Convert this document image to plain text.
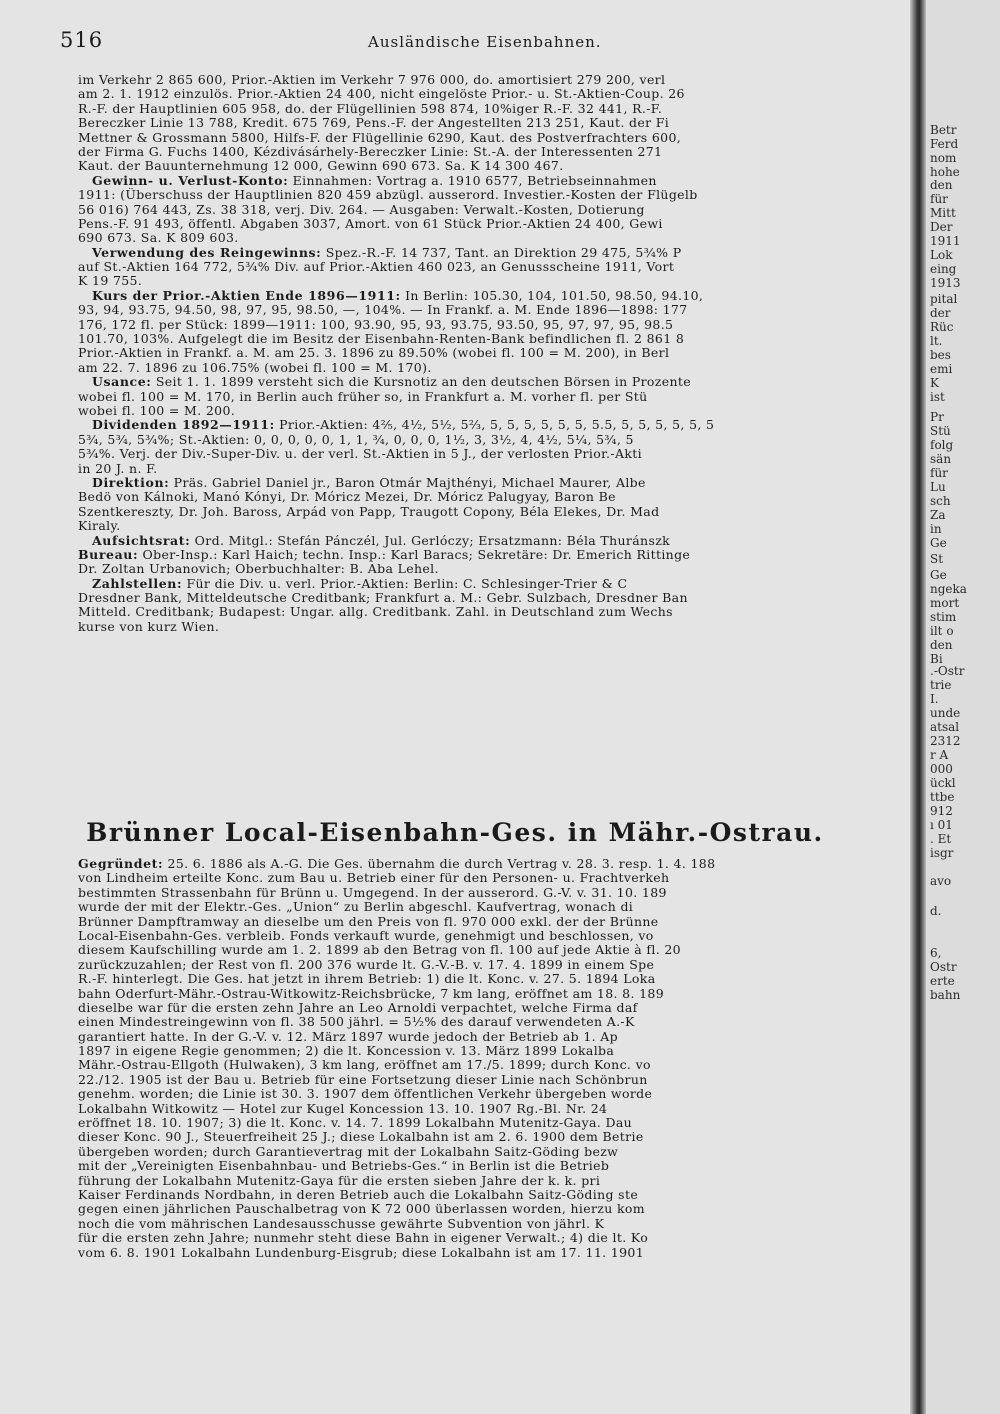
516	Ausländische Eisenbahnen.
im Verkehr 2 865 600, Prior.-Aktien im Verkehr 7 976 000, do. amortisiert 279 200, verl
am 2. 1. 1912 einzulös. Prior.-Aktien 24 400, nicht eingelöste Prior.- u. St.-Aktien-Coup. 26
R.-F. der Hauptlinien 605 958, do. der Flügellinien 598 874, 10%iger R.-F. 32 441, R.-F.
Bereczker Linie 13 788, Kredit. 675 769, Pens.-F. der Angestellten 213 251, Kaut. der Fi
Mettner & Grossmann 5800, Hilfs-F. der Flügellinie 6290, Kaut. des Postverfrachters 600,
der Firma G. Fuchs 1400, Kézdivásárhely-Bereczker Linie: St.-A. der Interessenten 271
Kaut. der Bauunternehmung 12 000, Gewinn 690 673. Sa. K 14 300 467.
Gewinn- u. Verlust-Konto: Einnahmen: Vortrag a. 1910 6577, Betriebseinnahmen
1911: (Überschuss der Hauptlinien 820 459 abzügl. ausserord. Investier.-Kosten der Flügelb
56 016) 764 443, Zs. 38 318, verj. Div. 264. — Ausgaben: Verwalt.-Kosten, Dotierung
Pens.-F. 91 493, öffentl. Abgaben 3037, Amort. von 61 Stück Prior.-Aktien 24 400, Gewi
690 673. Sa. K 809 603.
Verwendung des Reingewinns: Spez.-R.-F. 14 737, Tant. an Direktion 29 475, 5¾% P
auf St.-Aktien 164 772, 5¾% Div. auf Prior.-Aktien 460 023, an Genussscheine 1911, Vort
K 19 755.
Kurs der Prior.-Aktien Ende 1896—1911: In Berlin: 105.30, 104, 101.50, 98.50, 94.10,
93, 94, 93.75, 94.50, 98, 97, 95, 98.50, —, 104%. — In Frankf. a. M. Ende 1896—1898: 177
176, 172 fl. per Stück: 1899—1911: 100, 93.90, 95, 93, 93.75, 93.50, 95, 97, 97, 95, 98.5
101.70, 103%. Aufgelegt die im Besitz der Eisenbahn-Renten-Bank befindlichen fl. 2 861 8
Prior.-Aktien in Frankf. a. M. am 25. 3. 1896 zu 89.50% (wobei fl. 100 = M. 200), in Berl
am 22. 7. 1896 zu 106.75% (wobei fl. 100 = M. 170).
Usance: Seit 1. 1. 1899 versteht sich die Kursnotiz an den deutschen Börsen in Prozente
wobei fl. 100 = M. 170, in Berlin auch früher so, in Frankfurt a. M. vorher fl. per Stü
wobei fl. 100 = M. 200.
Dividenden 1892—1911: Prior.-Aktien: 4⅖, 4½, 5½, 5⅔, 5, 5, 5, 5, 5, 5, 5.5, 5, 5, 5, 5, 5, 5
5¾, 5¾, 5¾%; St.-Aktien: 0, 0, 0, 0, 0, 1, 1, ¾, 0, 0, 0, 1½, 3, 3½, 4, 4½, 5¼, 5¾, 5
5¾%. Verj. der Div.-Super-Div. u. der verl. St.-Aktien in 5 J., der verlosten Prior.-Akti
in 20 J. n. F.
Direktion: Präs. Gabriel Daniel jr., Baron Otmár Majthényi, Michael Maurer, Albe
Bedö von Kálnoki, Manó Kónyi, Dr. Móricz Mezei, Dr. Móricz Palugyay, Baron Be
Szentkereszty, Dr. Joh. Baross, Arpád von Papp, Traugott Copony, Béla Elekes, Dr. Mad
Kiraly.
Aufsichtsrat: Ord. Mitgl.: Stefán Pánczél, Jul. Gerlóczy; Ersatzmann: Béla Thuránszk
Bureau: Ober-Insp.: Karl Haich; techn. Insp.: Karl Baracs; Sekretäre: Dr. Emerich Rittinge
Dr. Zoltan Urbanovich; Oberbuchhalter: B. Aba Lehel.
Zahlstellen: Für die Div. u. verl. Prior.-Aktien: Berlin: C. Schlesinger-Trier & C
Dresdner Bank, Mitteldeutsche Creditbank; Frankfurt a. M.: Gebr. Sulzbach, Dresdner Ban
Mitteld. Creditbank; Budapest: Ungar. allg. Creditbank. Zahl. in Deutschland zum Wechs
kurse von kurz Wien.
Brünner Local-Eisenbahn-Ges. in Mähr.-Ostrau.
Gegründet: 25. 6. 1886 als A.-G. Die Ges. übernahm die durch Vertrag v. 28. 3. resp. 1. 4. 188
von Lindheim erteilte Konc. zum Bau u. Betrieb einer für den Personen- u. Frachtverkeh
bestimmten Strassenbahn für Brünn u. Umgegend. In der ausserord. G.-V. v. 31. 10. 189
wurde der mit der Elektr.-Ges. „Union“ zu Berlin abgeschl. Kaufvertrag, wonach di
Brünner Dampftramway an dieselbe um den Preis von fl. 970 000 exkl. der der Brünne
Local-Eisenbahn-Ges. verbleib. Fonds verkauft wurde, genehmigt und beschlossen, vo
diesem Kaufschilling wurde am 1. 2. 1899 ab den Betrag von fl. 100 auf jede Aktie à fl. 20
zurückzuzahlen; der Rest von fl. 200 376 wurde lt. G.-V.-B. v. 17. 4. 1899 in einem Spe
R.-F. hinterlegt. Die Ges. hat jetzt in ihrem Betrieb: 1) die lt. Konc. v. 27. 5. 1894 Loka
bahn Oderfurt-Mähr.-Ostrau-Witkowitz-Reichsbrücke, 7 km lang, eröffnet am 18. 8. 189
dieselbe war für die ersten zehn Jahre an Leo Arnoldi verpachtet, welche Firma daf
einen Mindestreingewinn von fl. 38 500 jährl. = 5½% des darauf verwendeten A.-K
garantiert hatte. In der G.-V. v. 12. März 1897 wurde jedoch der Betrieb ab 1. Ap
1897 in eigene Regie genommen; 2) die lt. Koncession v. 13. März 1899 Lokalba
Mähr.-Ostrau-Ellgoth (Hulwaken), 3 km lang, eröffnet am 17./5. 1899; durch Konc. vo
22./12. 1905 ist der Bau u. Betrieb für eine Fortsetzung dieser Linie nach Schönbrun
genehm. worden; die Linie ist 30. 3. 1907 dem öffentlichen Verkehr übergeben worde
Lokalbahn Witkowitz — Hotel zur Kugel Koncession 13. 10. 1907 Rg.-Bl. Nr. 24
eröffnet 18. 10. 1907; 3) die lt. Konc. v. 14. 7. 1899 Lokalbahn Mutenitz-Gaya. Dau
dieser Konc. 90 J., Steuerfreiheit 25 J.; diese Lokalbahn ist am 2. 6. 1900 dem Betrie
übergeben worden; durch Garantievertrag mit der Lokalbahn Saitz-Göding bezw
mit der „Vereinigten Eisenbahnbau- und Betriebs-Ges.“ in Berlin ist die Betrieb
führung der Lokalbahn Mutenitz-Gaya für die ersten sieben Jahre der k. k. pri
Kaiser Ferdinands Nordbahn, in deren Betrieb auch die Lokalbahn Saitz-Göding ste
gegen einen jährlichen Pauschalbetrag von K 72 000 überlassen worden, hierzu kom
noch die vom mährischen Landesausschusse gewährte Subvention von jährl. K
für die ersten zehn Jahre; nunmehr steht diese Bahn in eigener Verwalt.; 4) die lt. Ko
vom 6. 8. 1901 Lokalbahn Lundenburg-Eisgrub; diese Lokalbahn ist am 17. 11. 1901
Betr
Ferd
nom
hohe
den
für
Mitt
Der
1911
Lok
eing
1913
pital
der
Rüc
lt.
bes
emi
K
ist
Pr
Stü
folg
sän
für
Lu
sch
Za
in
Ge
St
Ge
ngeka
mort
stim
ilt o
den
Bi
.-Ostr
trie
I.
unde
atsal
2312
r A
000
ückl
ttbe
912
ı 01
. Et
isgr
avo
d.
6,
Ostr
erte
bahn
